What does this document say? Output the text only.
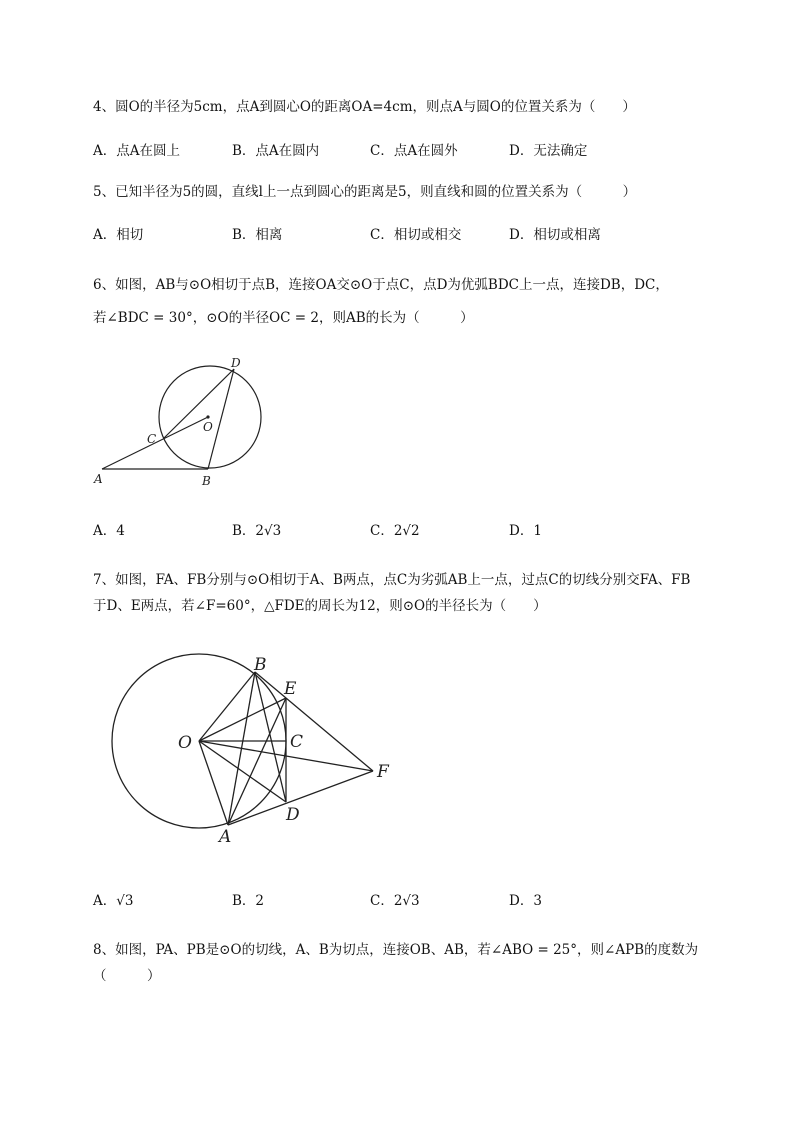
4、圆O的半径为5cm，点A到圆心O的距离OA=4cm，则点A与圆O的位置关系为（　　）
A．点A在圆上	B．点A在圆内	C．点A在圆外	D．无法确定
5、已知半径为5的圆，直线l上一点到圆心的距离是5，则直线和圆的位置关系为（　　　）
A．相切	B．相离	C．相切或相交	D．相切或相离
6、如图，AB与⊙O相切于点B，连接OA交⊙O于点C，点D为优弧BDC上一点，连接DB，DC，
若∠BDC = 30°，⊙O的半径OC = 2，则AB的长为（　　　）
D
O
C
A	B
A．4	B．2√3	C．2√2	D．1
7、如图，FA、FB分别与⊙O相切于A、B两点，点C为劣弧AB上一点，过点C的切线分别交FA、FB
于D、E两点，若∠F=60°，△FDE的周长为12，则⊙O的半径长为（　　）
B
E
O	C
F
D
A
A．√3	B．2	C．2√3	D．3
8、如图，PA、PB是⊙O的切线，A、B为切点，连接OB、AB，若∠ABO = 25°，则∠APB的度数为
（　　　）
